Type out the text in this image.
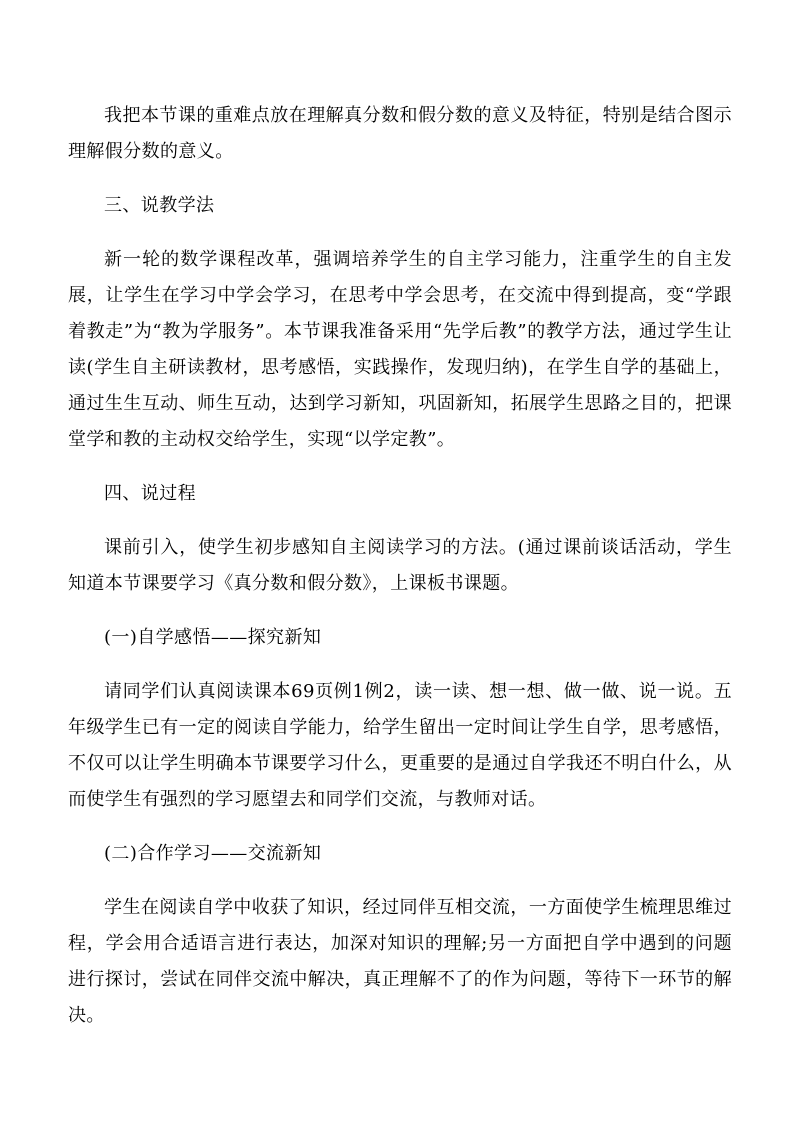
我把本节课的重难点放在理解真分数和假分数的意义及特征，特别是结合图示理解假分数的意义。

三、说教学法

新一轮的数学课程改革，强调培养学生的自主学习能力，注重学生的自主发展，让学生在学习中学会学习，在思考中学会思考，在交流中得到提高，变“学跟着教走”为“教为学服务”。本节课我准备采用“先学后教”的教学方法，通过学生让读(学生自主研读教材，思考感悟，实践操作，发现归纳)，在学生自学的基础上，通过生生互动、师生互动，达到学习新知，巩固新知，拓展学生思路之目的，把课堂学和教的主动权交给学生，实现“以学定教”。

四、说过程

课前引入，使学生初步感知自主阅读学习的方法。(通过课前谈话活动，学生知道本节课要学习《真分数和假分数》，上课板书课题。

(一)自学感悟——探究新知

请同学们认真阅读课本69页例1例2，读一读、想一想、做一做、说一说。五年级学生已有一定的阅读自学能力，给学生留出一定时间让学生自学，思考感悟，不仅可以让学生明确本节课要学习什么，更重要的是通过自学我还不明白什么，从而使学生有强烈的学习愿望去和同学们交流，与教师对话。

(二)合作学习——交流新知

学生在阅读自学中收获了知识，经过同伴互相交流，一方面使学生梳理思维过程，学会用合适语言进行表达，加深对知识的理解;另一方面把自学中遇到的问题进行探讨，尝试在同伴交流中解决，真正理解不了的作为问题，等待下一环节的解决。
